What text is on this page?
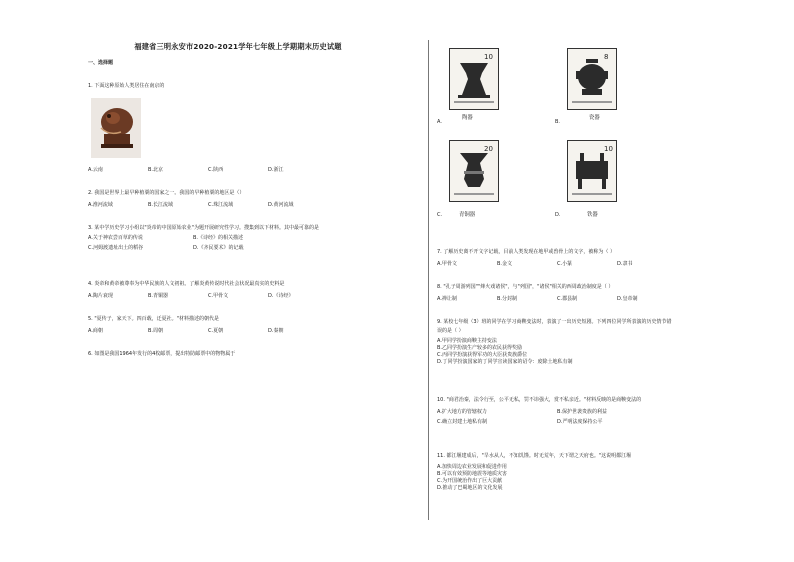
福建省三明永安市2020-2021学年七年级上学期期末历史试题
一、选择题
1. 下面这种原始人类居住在南京的
A.云南	B.北京	C.陕西	D.浙江
2. 我国是世界上最早种植粟的国家之一。我国的早种植粟的地区是（）
A.淮河流域	B.长江流域	C.珠江流域	D.黄河流域
3. 某中学历史学习小组以"炎帝的中国原始农业"为题开展研究性学习。搜集到以下材料。其中最可靠的是
A.关于神农尝百草的传说	B.《诗经》的相关描述
C.河姆渡遗址出土的稻谷	D.《齐民要术》的记载
4. 炎帝和黄帝被尊奉为中华民族的人文初祖。了解炎黄传说时代社会状况最真实的史料是
A.陶片衰现	B.青铜器	C.甲骨文	D.《诗经》
5. "夏传子，家天下。四百载，迁夏社。"材料描述的朝代是
A.商朝	B.周朝	C.夏朝	D.秦朝
6. 如图是我国1964年发行的4枚邮票，提出特防邮票中的物物属于
10
A.
陶器
8
B.
瓷器
20
C.	青铜器
10
D.	铁器
7. 了解历史离不开文字记载，目前人类发现在地甲或兽骨上的文字，被称为（ ）
A.甲骨文	B.金文	C.小篆	D.隶书
8. "孔子周游列国""烽火戏诸侯"，与"列国"，"诸侯"相关的西周政治制度是（ ）
A.禅让制	B.分封制	C.郡县制	D.皇帝制
9. 某校七年级（3）班的同学在学习商鞅变法时，表演了一出历史短剧。下列四位同学所表演的历史情节错
误的是（ ）
A.甲同学扮演商鞅主持变法
B.乙同学扮演生产较多的农民获得奖励
C.丙同学扮演获得军功的大臣获贵族爵位
D.丁同学扮演国家的丁同学宣读国家的诏令：废除土地私有制
10. "商君治秦，法令行至，公平无私，罚不讳强大，赏不私亲近。"材料反映的是商鞅变法的
A.扩大地方的管辖权力	B.保护世袭贵族的利益
C.确立封建土地私有制	D.严明法度保持公平
11. 都江堰建成后，"旱水从人，不知饥馑。时无荒年，天下谓之天府也。"这说明都江堰
A.加快周边农业发展和促进作用
B.可以有效预防地震等地质灾害
C.为开国统治作出了巨大贡献
D.推动了巴蜀地区的文化发展
